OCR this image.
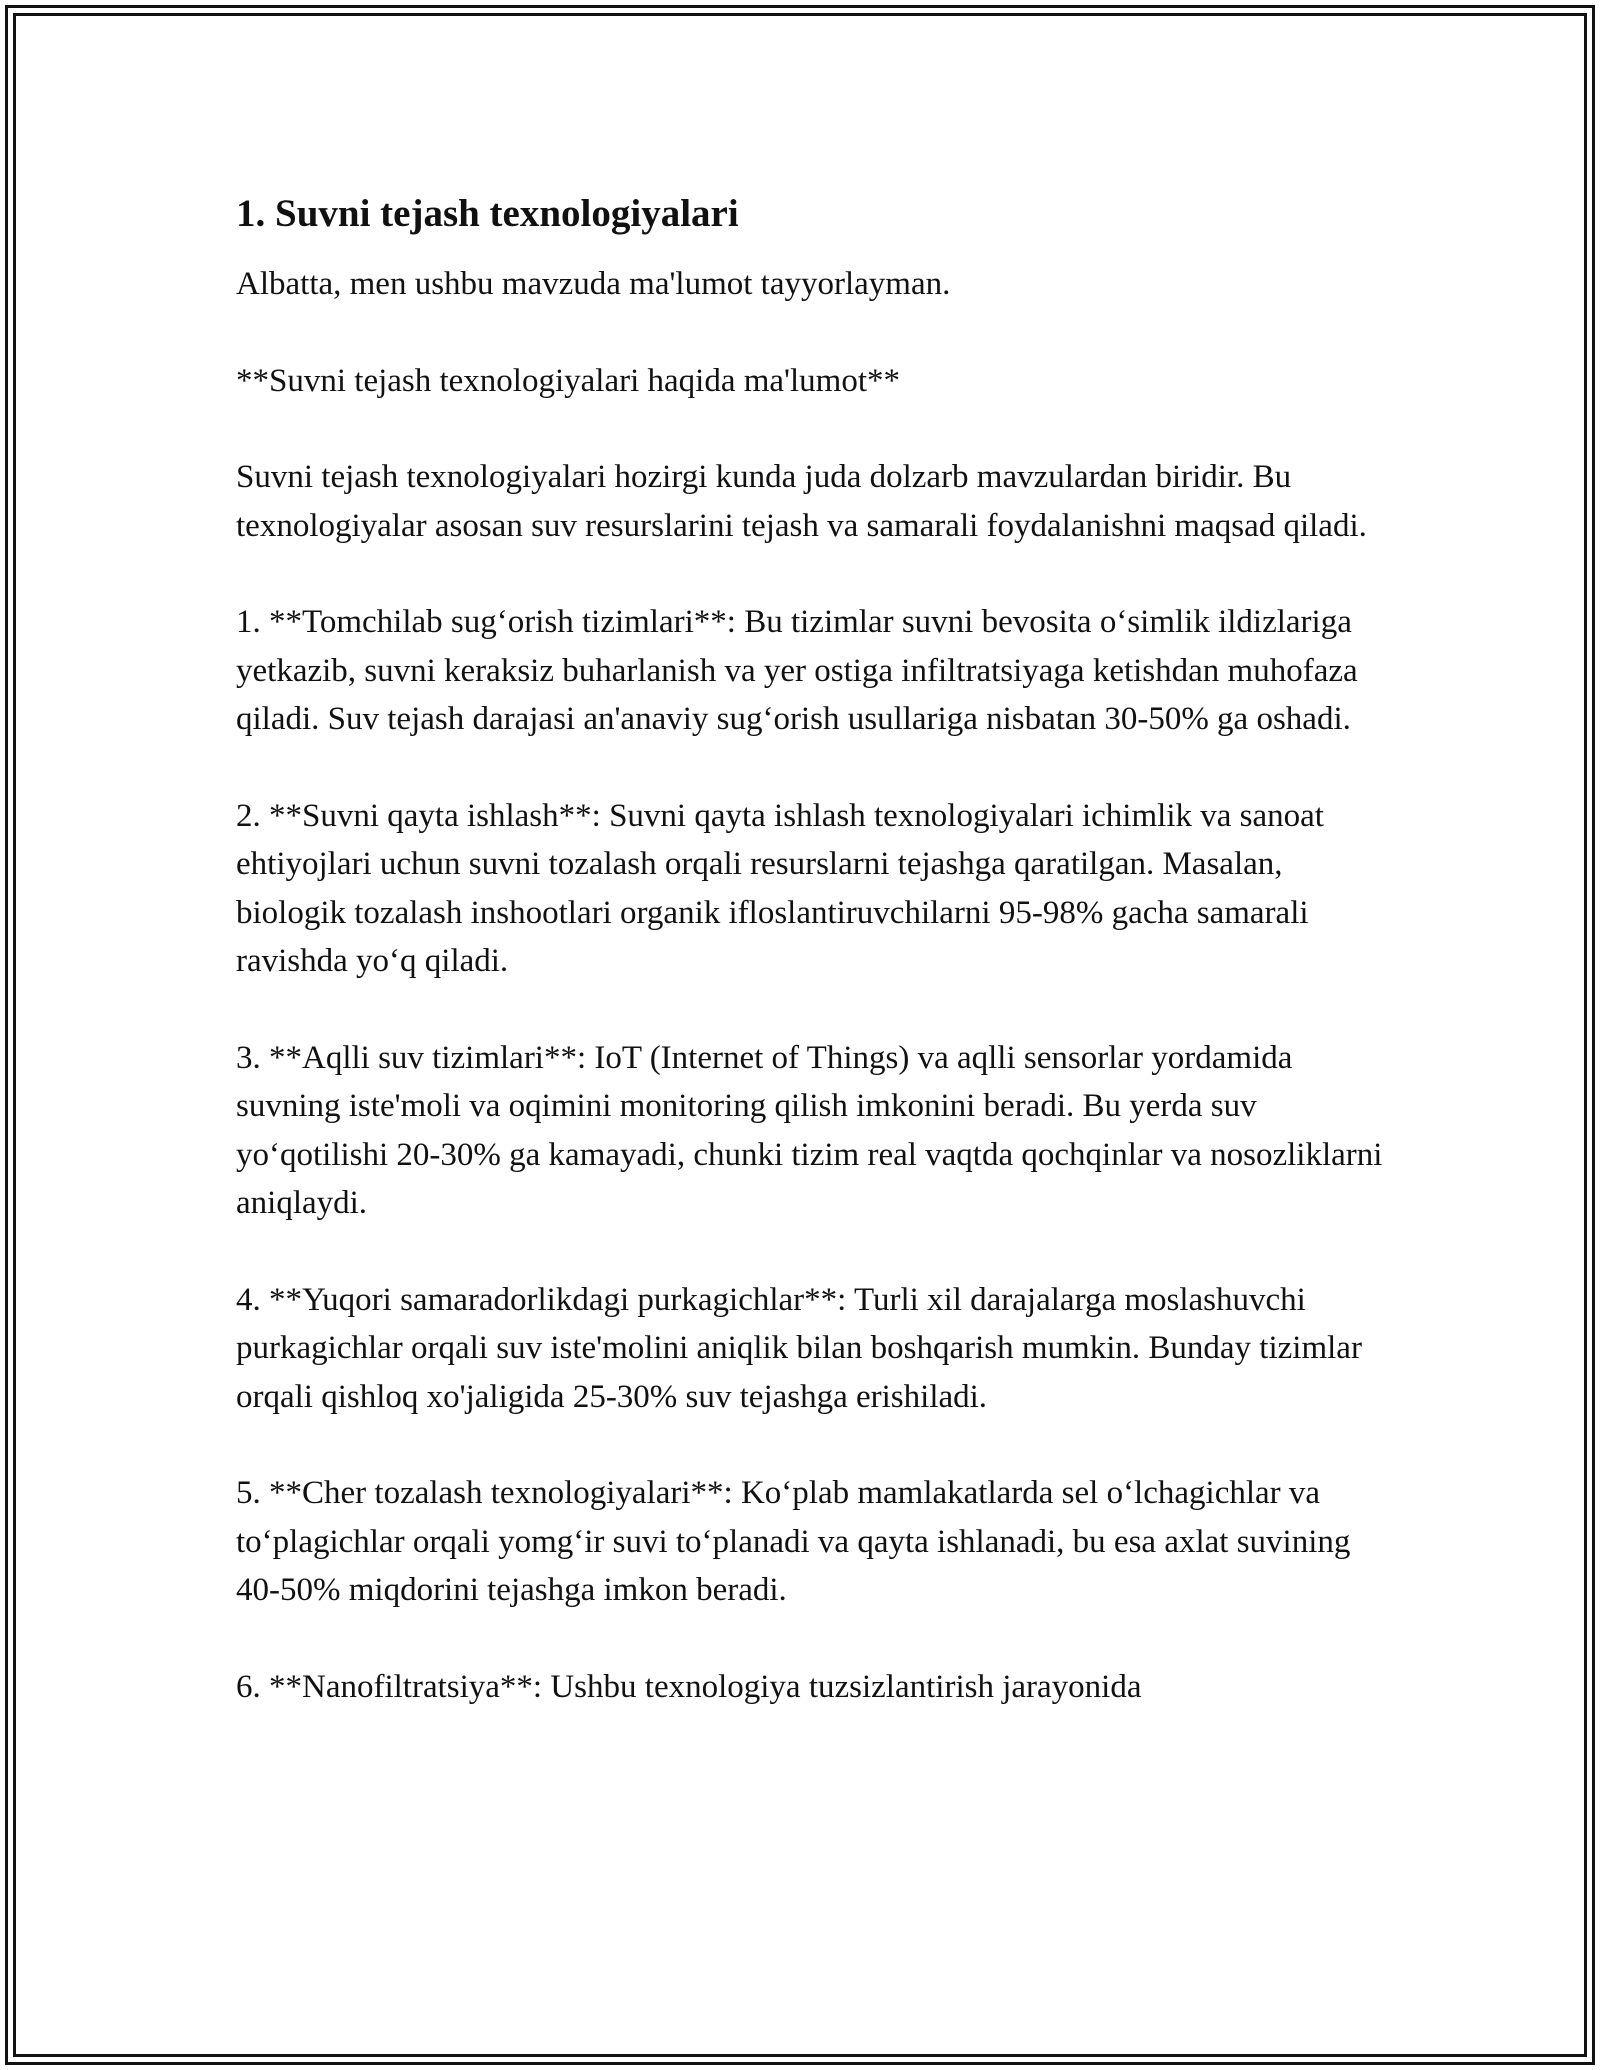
1. Suvni tejash texnologiyalari

Albatta, men ushbu mavzuda ma'lumot tayyorlayman.

**Suvni tejash texnologiyalari haqida ma'lumot**

Suvni tejash texnologiyalari hozirgi kunda juda dolzarb mavzulardan biridir. Bu texnologiyalar asosan suv resurslarini tejash va samarali foydalanishni maqsad qiladi.

1. **Tomchilab sug‘orish tizimlari**: Bu tizimlar suvni bevosita o‘simlik ildizlariga yetkazib, suvni keraksiz buharlanish va yer ostiga infiltratsiyaga ketishdan muhofaza qiladi. Suv tejash darajasi an'anaviy sug‘orish usullariga nisbatan 30-50% ga oshadi.

2. **Suvni qayta ishlash**: Suvni qayta ishlash texnologiyalari ichimlik va sanoat ehtiyojlari uchun suvni tozalash orqali resurslarni tejashga qaratilgan. Masalan, biologik tozalash inshootlari organik ifloslantiruvchilarni 95-98% gacha samarali ravishda yo‘q qiladi.

3. **Aqlli suv tizimlari**: IoT (Internet of Things) va aqlli sensorlar yordamida suvning iste'moli va oqimini monitoring qilish imkonini beradi. Bu yerda suv yo‘qotilishi 20-30% ga kamayadi, chunki tizim real vaqtda qochqinlar va nosozliklarni aniqlaydi.

4. **Yuqori samaradorlikdagi purkagichlar**: Turli xil darajalarga moslashuvchi purkagichlar orqali suv iste'molini aniqlik bilan boshqarish mumkin. Bunday tizimlar orqali qishloq xo'jaligida 25-30% suv tejashga erishiladi.

5. **Cher tozalash texnologiyalari**: Ko‘plab mamlakatlarda sel o‘lchagichlar va to‘plagichlar orqali yomg‘ir suvi to‘planadi va qayta ishlanadi, bu esa axlat suvining 40-50% miqdorini tejashga imkon beradi.

6. **Nanofiltratsiya**: Ushbu texnologiya tuzsizlantirish jarayonida
